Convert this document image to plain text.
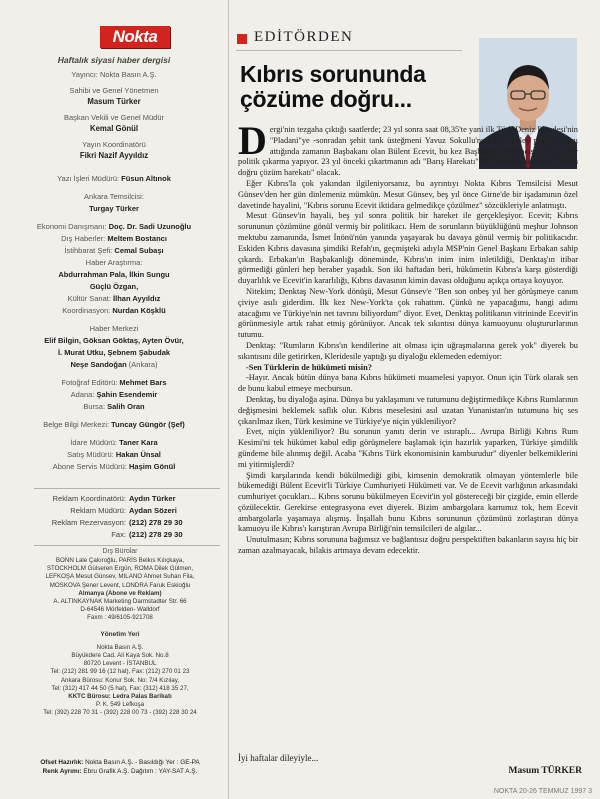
Nokta
Haftalık siyasi haber dergisi
Yayıncı: Nokta Basın A.Ş.
Sahibi ve Genel Yönetmen
Masum Türker
Başkan Vekili ve Genel Müdür
Kemal Gönül
Yayın Koordinatörü
Fikri Nazif Ayyıldız
Yazı İşleri Müdürü: Füsun Altınok
Ankara Temsilcisi:
Turgay Türker
Ekonomi Danışmanı: Doç. Dr. Sadi Uzunoğlu
Dış Haberler: Meltem Bostancı
İstihbarat Şefi: Cemal Subaşı
Haber Araştırma:
Abdurrahman Pala, İlkin Sungu
Güçlü Özgan,
Kültür Sanat: İlhan Ayyıldız
Koordinasyon: Nurdan Köşklü
Haber Merkezi
Elif Bilgin, Göksan Göktaş, Ayten Övür,
İ. Murat Utku, Şebnem Şabudak
Neşe Sandoğan (Ankara)
Fotoğraf Editörü: Mehmet Bars
Adana: Şahin Esendemir
Bursa: Salih Oran
Belge Bilgi Merkezi: Tuncay Güngör (Şef)
İdare Müdürü: Taner Kara
Satış Müdürü: Hakan Ünsal
Abone Servis Müdürü: Haşim Gönül
Reklam Koordinatörü: Aydın Türker
Reklam Müdürü: Aydan Sözeri
Reklam Rezervasyon: (212) 278 29 30
Fax: (212) 278 29 30
Dış Bürolar

BONN Lale Çakıroğlu, PARİS Belkıs Kılıçkaya,

STOCKHOLM Gülseren Ergün, ROMA Dilek Gülmen,

LEFKOŞA Mesut Günsev, MILANO Ahmet Suhan Fila,

MOSKOVA Şener Levent, LONDRA Faruk Eskioğlu

Almanya (Abone ve Reklam)

A. ALTINKAYNAK Marketing Darmstadter Str. 66

D-64546 Mörfelden- Walldorf

Faxm : 49/6105-921708

Yönetim Yeri

Nokta Basın A.Ş.

Büyükdere Cad. Ali Kaya Sok. No.8

80720 Levent - İSTANBUL

Tel: (212) 281 99 16 (12 hat), Fax: (212) 270 01 23

Ankara Bürosu: Konur Sok. No: 7/4 Kızılay,

Tel: (312) 417 44 50 (5 hat), Fax: (312) 418 35 27,

KKTC Bürosu: Ledra Palas Barikatı

P. K. 549 Lefkoşa

Tel: (392) 228 70 31 - (392) 228 00 73 - (392) 228 30 24

Ofset Hazırlık: Nokta Basın A.Ş. - Basıldığı Yer : GE-PA
Renk Ayrımı: Ebru Grafik A.Ş. Dağıtım : YAY-SAT A.Ş.
EDİTÖRDEN
Kıbrıs sorununda çözüme doğru...

Dergi'nin tezgaha çıktığı saatlerde; 23 yıl sonra saat 08,35'te yani ilk Türk Deniz Piyadesi'nin "Pladani"ye -sonradan şehit tank üsteğmeni Yavuz Sokullu'nun adı verilen plaj- adımını attığında zamanın Başbakanı olan Bülent Ecevit, bu kez Başbakan Yardımcısı sıfatıyla bir politik çıkarma yapıyor. 23 yıl önceki çıkartmanın adı "Barış Harekatı" idi. Şimdiki herhalde "barışa doğru çözüm harekatı" olacak.

Eğer Kıbrıs'la çok yakından ilgileniyorsanız, bu ayrıntıyı Nokta Kıbrıs Temsilcisi Mesut Günsev'den her gün dinlemeniz mümkün. Mesut Günsev, beş yıl önce Girne'de bir işadamının özel davetinde hayalini, "Kıbrıs sorunu Ecevit iktidara gelmedikçe çözülmez" sözcükleriyle anlatmıştı.

Mesut Günsev'in hayali, beş yıl sonra politik bir hareket ile gerçekleşiyor. Ecevit; Kıbrıs sorununun çözümüne gönül vermiş bir politikacı. Hem de sorunların büyüklüğünü meşhur Johnson mektubu zamanında, İsmet İnönü'nün yanında yaşayarak bu davaya gönül vermiş bir politikacıdır. Eskiden Kıbrıs davasına şimdiki Refah'ın, geçmişteki adıyla MSP'nin Genel Başkanı Erbakan sahip çıkardı. Erbakan'ın Başbakanlığı döneminde, Kıbrıs'ın inim inim inletildiği, Denktaş'ın itibar görmediği günleri hep beraber yaşadık. Son iki haftadan beri, hükümetin Kıbrıs'a karşı gösterdiği duyarlılık ve Ecevit'in kararlılığı, Kıbrıs davasının kimin davası olduğunu açıkça ortaya koyuyor.

Nitekim; Denktaş New-York dönüşü, Mesut Günsev'e "Ben son onbeş yıl her görüşmeye canım çiviye asılı giderdim. İlk kez New-York'ta çok rahattım. Çünkü ne yapacağımı, hangi adımı atacağımı ve Türkiye'nin net tavrını biliyordum" diyor. Evet, Denktaş politikanın vitrininde Ecevit'in görünmesiyle artık rahat etmiş görünüyor. Ancak tek sıkıntısı dünya kamuoyunu oluştururlarının tutumu.

Denktaş: "Rumların Kıbrıs'ın kendilerine ait olması için uğraşmalarına gerek yok" diyerek bu sıkıntısını dile getirirken, Kleridesile yaptığı şu diyaloğu eklemeden edemiyor:

-Sen Türklerin de hükümeti misin?

-Hayır. Ancak bütün dünya bana Kıbrıs hükümeti muamelesi yapıyor. Onun için Türk olarak sen de bunu kabul etmeye mecbursun.

Denktaş, bu diyaloğa aşina. Dünya bu yaklaşımını ve tutumunu değiştirmedikçe Kıbrıs Rumlarının değişmesini beklemek saflık olur. Kıbrıs meselesini asıl uzatan Yunanistan'ın tutumuna hiç ses çıkarılmaz iken, Türk kesimine ve Türkiye'ye niçin yükleniliyor?

Evet, niçin yükleniliyor? Bu sorunun yanıtı derin ve ıstıraplı... Avrupa Birliği Kıbrıs Rum Kesimi'ni tek hükümet kabul edip görüşmelere başlamak için hazırlık yaparken, Türkiye şimdilik gündeme bile alınmış değil. Acaba "Kıbrıs Türk ekonomisinin kamburudur" diyenler belkemiklerini mi yitirmişlerdi?

Şimdi karşılarında kendi bükülmediği gibi, kimsenin demokratik olmayan yöntemlerle bile bükemediği Bülent Ecevit'li Türkiye Cumhuriyeti Hükümeti var. Ve de Ecevit varlığının arkasındaki cumhuriyet çocukları... Kıbrıs sorunu bükülmeyen Ecevit'in yol göstereceği bir çizgide, emin ellerde çözülecektir. Gerekirse entegrasyona evet diyerek. Bizim ambargolara karnımız tok, hem Ecevit ambargolarla yaşamaya alışmış. İnşallah bunu Kıbrıs sorununun çözümünü zorlaştıran dünya kamuoyu ile Kıbrıs'ı karıştıran Avrupa Birliği'nin temsilcileri de algılar...

Unutulmasın; Kıbrıs sorununa bağımsız ve bağlantısız doğru perspektiften bakanların sayısı hiç bir zaman azalmayacak, bilakis artmaya devam edecektir.

İyi haftalar dileyiyle...
Masum TÜRKER
NOKTA 20-26 TEMMUZ 1997 3
